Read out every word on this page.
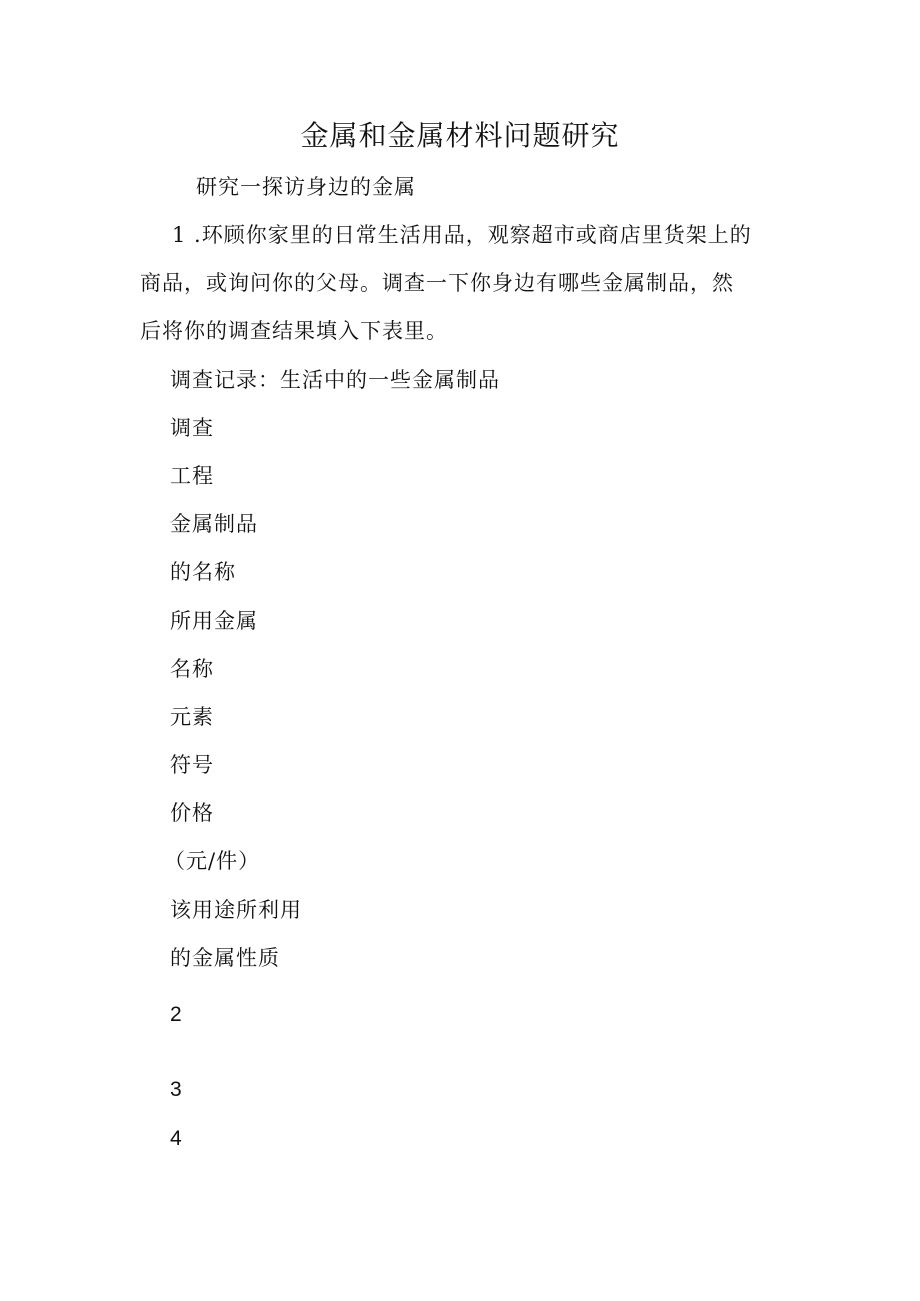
金属和金属材料问题研究
研究一探访身边的金属
1 .环顾你家里的日常生活用品，观察超市或商店里货架上的
商品，或询问你的父母。调查一下你身边有哪些金属制品，然
后将你的调查结果填入下表里。
调查记录：生活中的一些金属制品
调查
工程
金属制品
的名称
所用金属
名称
元素
符号
价格
（元/件）
该用途所利用
的金属性质
2
3
4
